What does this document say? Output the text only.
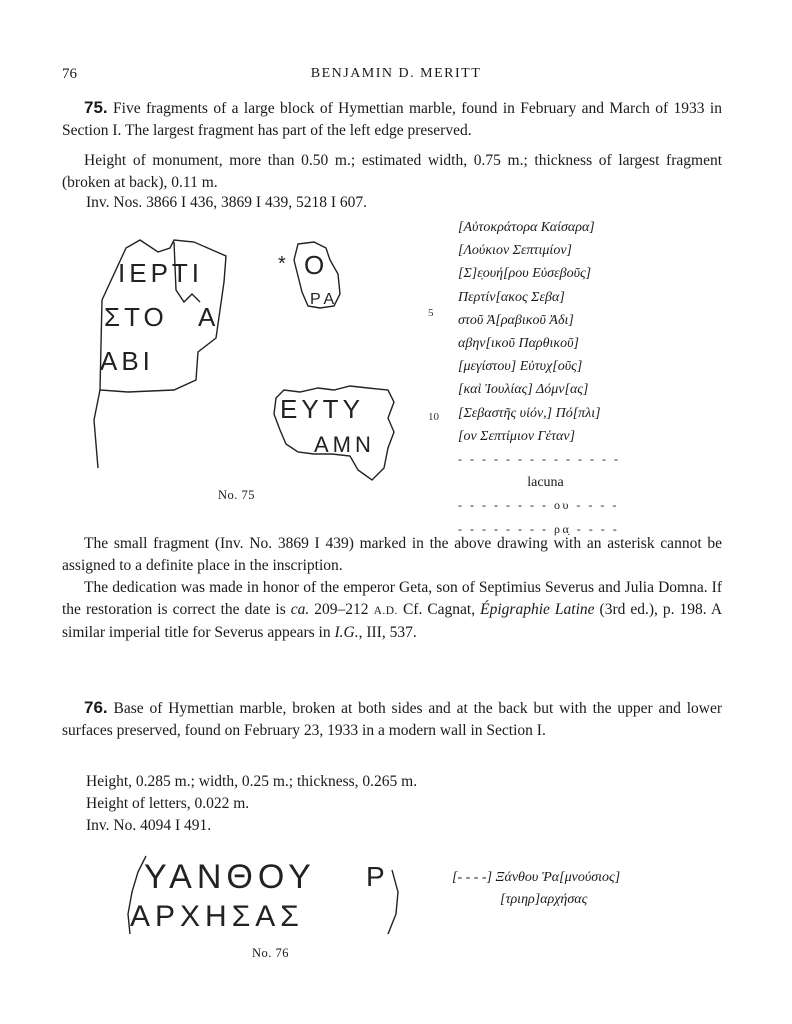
76	BENJAMIN D. MERITT
75. Five fragments of a large block of Hymettian marble, found in February and March of 1933 in Section I. The largest fragment has part of the left edge preserved.
Height of monument, more than 0.50 m.; estimated width, 0.75 m.; thickness of largest fragment (broken at back), 0.11 m.
Inv. Nos. 3866 I 436, 3869 I 439, 5218 I 607.
ΙΕΡΤΙ
ΣΤΟ Α
ΑΒΙ
* Ο
ΡΑ
ΕΥΤΥ
ΑΜΝ
No. 75
5
10
[Αὐτοκράτορα Καίσαρα]
[Λούκιον Σεπτιμίον]
[Σ]ε̣ουή[ρου Εὐσεβοῦς]
Περτίν[ακος Σεβα]
στοῦ Ἀ[ραβικοῦ Ἀδι]
αβην[ικοῦ Παρθικοῦ]
[μεγίστου] Εὐτυχ[οῦς]
[καὶ Ἰουλίας] Δόμν[ας]
[Σεβαστῆς υἱόν,] Πό[πλι]
[ον Σεπτίμιον Γέταν]
- - - - - - - - - - - - - -
lacuna
- - - - - - - - ου - - - -
- - - - - - - - ρα̣ - - - -
The small fragment (Inv. No. 3869 I 439) marked in the above drawing with an asterisk cannot be assigned to a definite place in the inscription.
The dedication was made in honor of the emperor Geta, son of Septimius Severus and Julia Domna. If the restoration is correct the date is ca. 209–212 A.D. Cf. Cagnat, Épigraphie Latine (3rd ed.), p. 198. A similar imperial title for Severus appears in I.G., III, 537.
76. Base of Hymettian marble, broken at both sides and at the back but with the upper and lower surfaces preserved, found on February 23, 1933 in a modern wall in Section I.
Height, 0.285 m.; width, 0.25 m.; thickness, 0.265 m.
Height of letters, 0.022 m.
Inv. No. 4094 I 491.
ΥΑΝΘΟΥ Ρ
ΑΡΧΗΣΑΣ
No. 76
[- - - -] Ξάνθου Ῥα[μνούσιος]
[τριηρ]αρχήσας
